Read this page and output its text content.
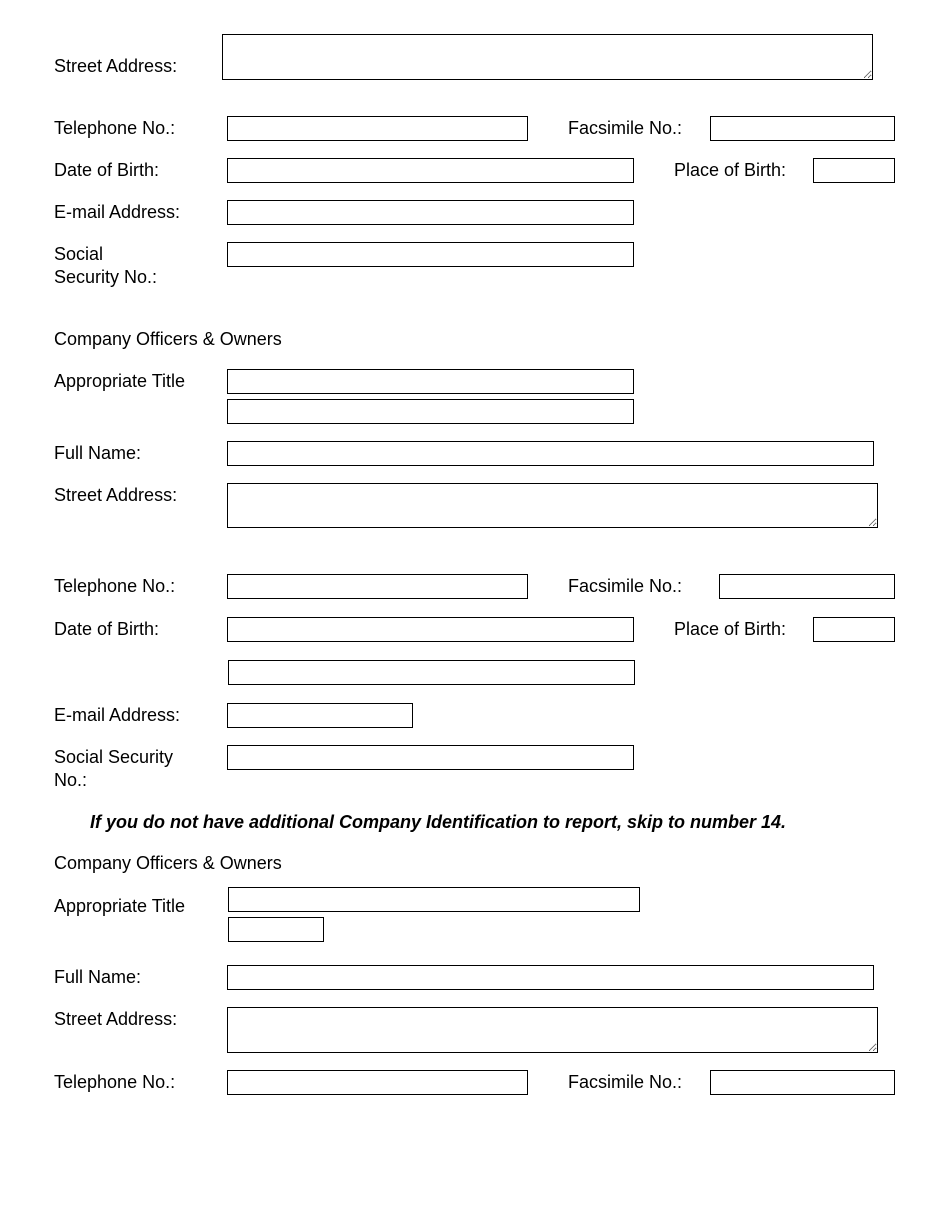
Street Address:
Telephone No.:	Facsimile No.:
Date of Birth:	Place of Birth:
E-mail Address:
Social
Security No.:
Company Officers & Owners
Appropriate Title
Full Name:
Street Address:
Telephone No.:	Facsimile No.:
Date of Birth:	Place of Birth:
E-mail Address:
Social Security
No.:
If you do not have additional Company Identification to report, skip to number 14.
Company Officers & Owners
Appropriate Title
Full Name:
Street Address:
Telephone No.:	Facsimile No.:
